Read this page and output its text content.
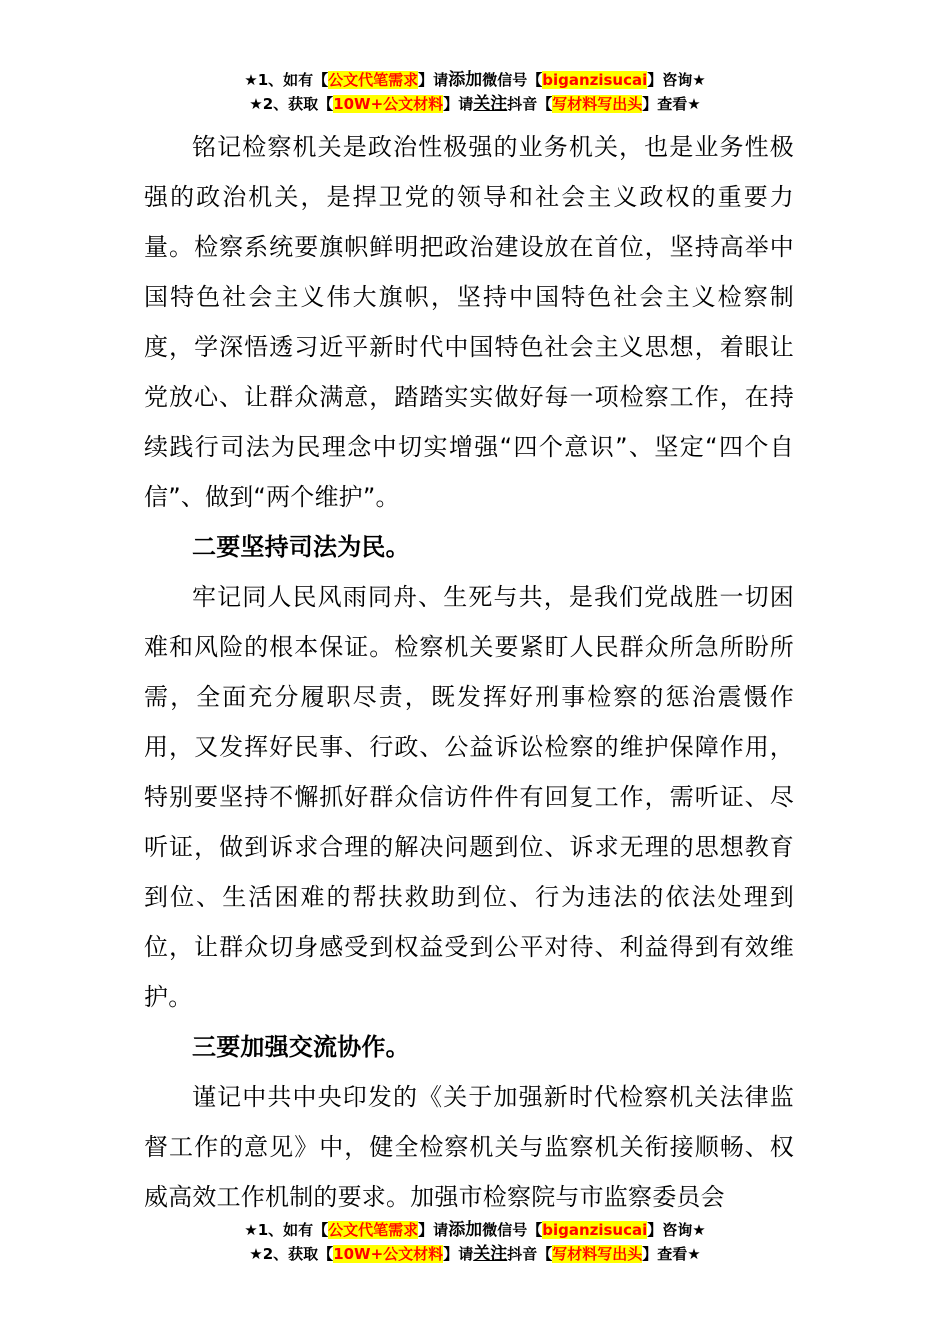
★1、如有【公文代笔需求】请添加微信号【biganzisucai】咨询★
★2、获取【10W+公文材料】请关注抖音【写材料写出头】查看★

铭记检察机关是政治性极强的业务机关，也是业务性极强的政治机关，是捍卫党的领导和社会主义政权的重要力量。检察系统要旗帜鲜明把政治建设放在首位，坚持高举中国特色社会主义伟大旗帜，坚持中国特色社会主义检察制度，学深悟透习近平新时代中国特色社会主义思想，着眼让党放心、让群众满意，踏踏实实做好每一项检察工作，在持续践行司法为民理念中切实增强“四个意识”、坚定“四个自信”、做到“两个维护”。

二要坚持司法为民。

牢记同人民风雨同舟、生死与共，是我们党战胜一切困难和风险的根本保证。检察机关要紧盯人民群众所急所盼所需，全面充分履职尽责，既发挥好刑事检察的惩治震慑作用，又发挥好民事、行政、公益诉讼检察的维护保障作用，特别要坚持不懈抓好群众信访件件有回复工作，需听证、尽听证，做到诉求合理的解决问题到位、诉求无理的思想教育到位、生活困难的帮扶救助到位、行为违法的依法处理到位，让群众切身感受到权益受到公平对待、利益得到有效维护。

三要加强交流协作。

谨记中共中央印发的《关于加强新时代检察机关法律监督工作的意见》中，健全检察机关与监察机关衔接顺畅、权威高效工作机制的要求。加强市检察院与市监察委员会

★1、如有【公文代笔需求】请添加微信号【biganzisucai】咨询★
★2、获取【10W+公文材料】请关注抖音【写材料写出头】查看★
